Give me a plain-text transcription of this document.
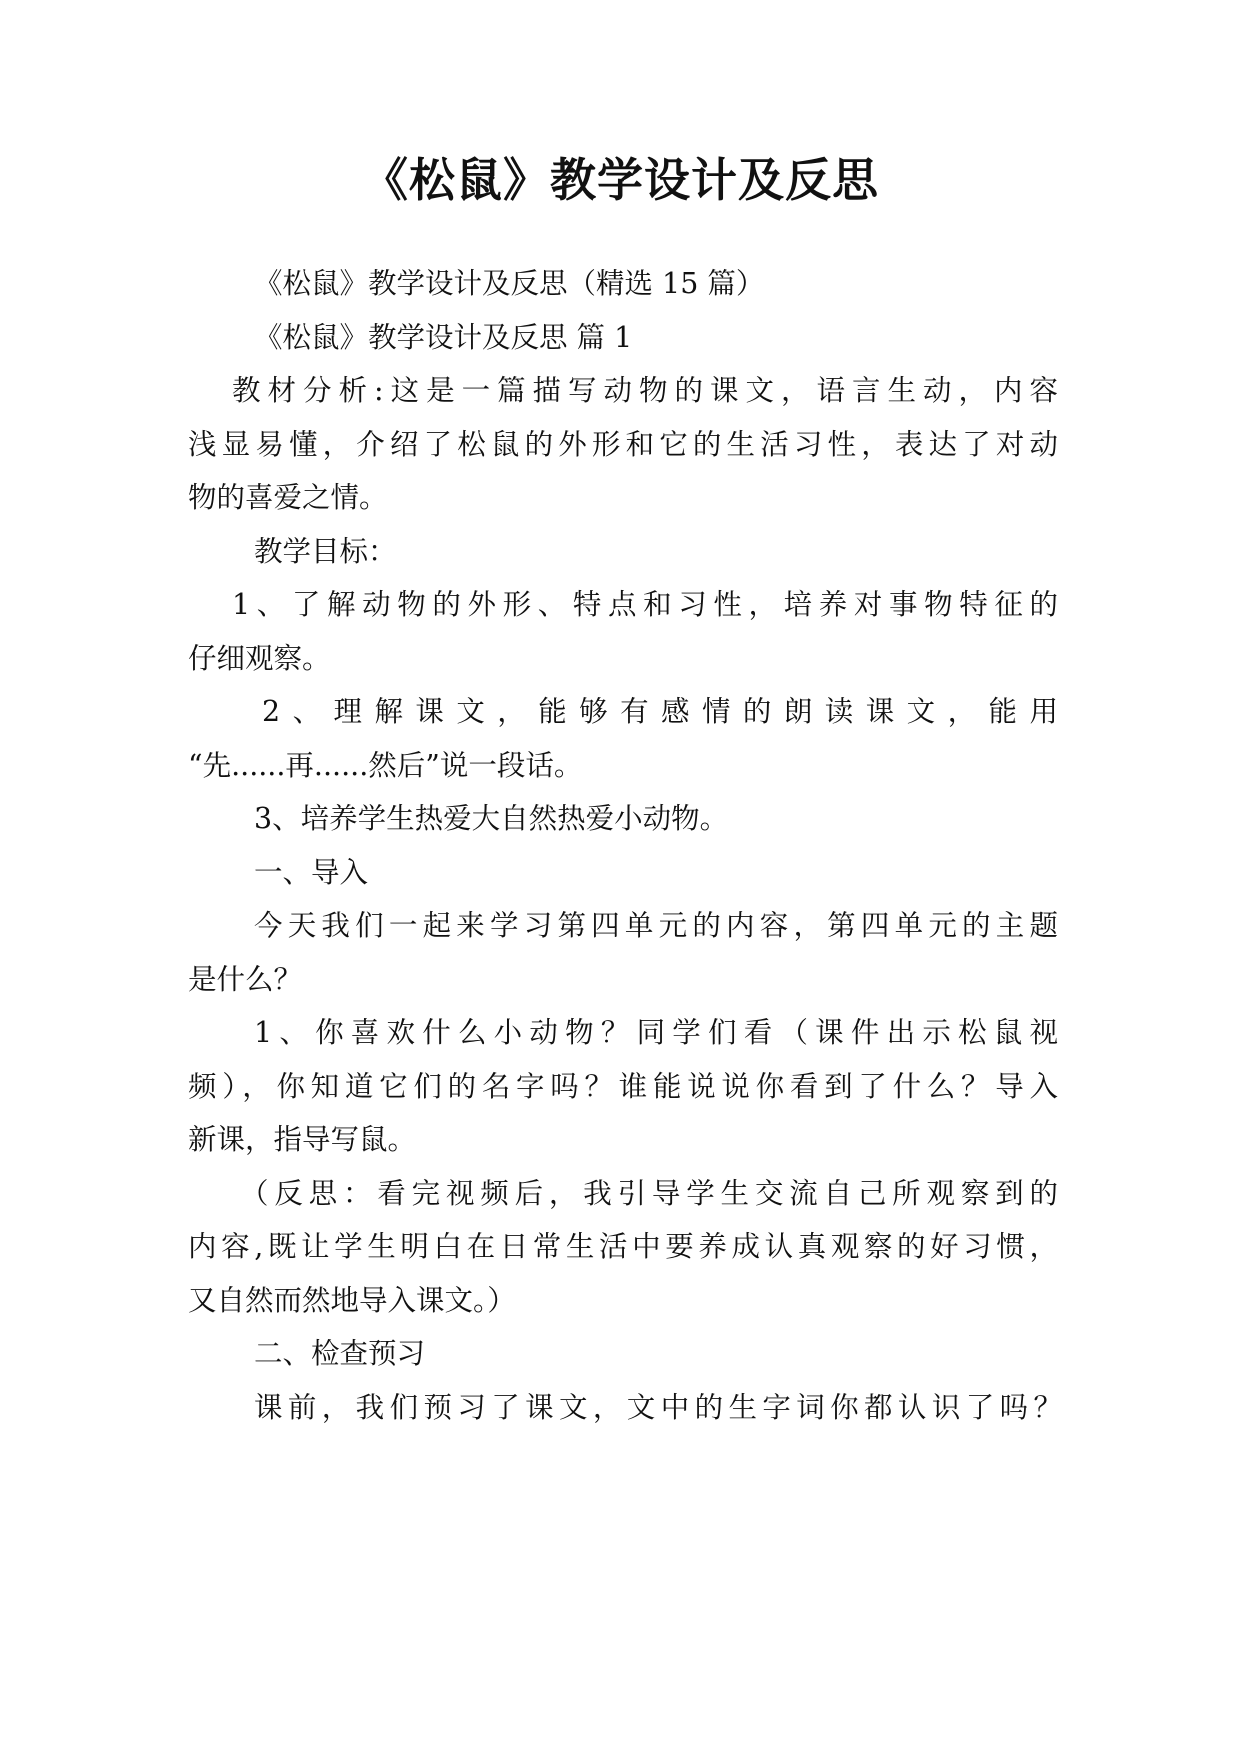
《松鼠》教学设计及反思
《松鼠》教学设计及反思（精选 15 篇）
《松鼠》教学设计及反思 篇 1
教材分析:这是一篇描写动物的课文，语言生动，内容
浅显易懂，介绍了松鼠的外形和它的生活习性，表达了对动
物的喜爱之情。
教学目标：
1、了解动物的外形、特点和习性，培养对事物特征的
仔细观察。
2、理解课文，能够有感情的朗读课文，能用
“先......再......然后”说一段话。
3、培养学生热爱大自然热爱小动物。
一、导入
今天我们一起来学习第四单元的内容，第四单元的主题
是什么？
1、你喜欢什么小动物？同学们看（课件出示松鼠视
频），你知道它们的名字吗？谁能说说你看到了什么？导入
新课，指导写鼠。
（反思：看完视频后，我引导学生交流自己所观察到的
内容,既让学生明白在日常生活中要养成认真观察的好习惯，
又自然而然地导入课文。）
二、检查预习
课前，我们预习了课文，文中的生字词你都认识了吗？
